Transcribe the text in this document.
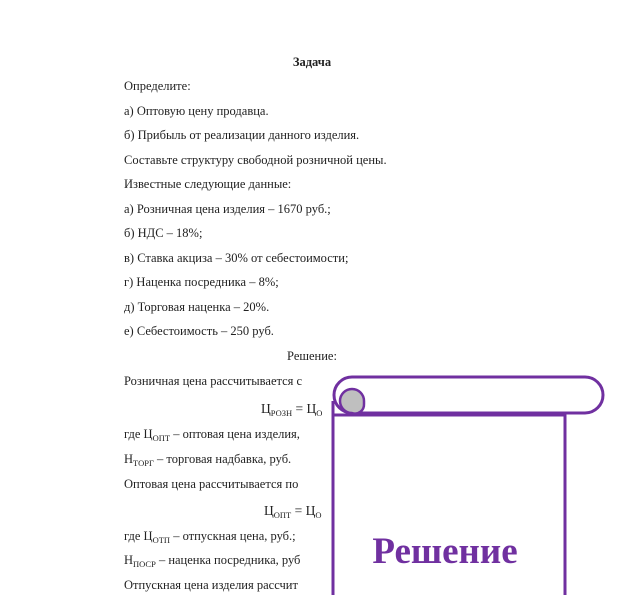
Задача
Определите:
а) Оптовую цену продавца.
б) Прибыль от реализации данного изделия.
Составьте структуру свободной розничной цены.
Известные следующие данные:
а) Розничная цена изделия – 1670 руб.;
б) НДС – 18%;
в) Ставка акциза – 30% от себестоимости;
г) Наценка посредника – 8%;
д) Торговая наценка – 20%.
е) Себестоимость – 250 руб.
Решение:
Розничная цена рассчитывается с
$Ц_{РОЗН} = Ц_О$
где $Ц_{ОПТ}$ – оптовая цена изделия,
$Н_{ТОРГ}$ – торговая надбавка, руб.
Оптовая цена рассчитывается по
$Ц_{ОПТ} = Ц_О$
где $Ц_{ОТП}$ – отпускная цена, руб.;
$Н_{ПОСР}$ – наценка посредника, руб
Отпускная цена изделия рассчит
Решение
